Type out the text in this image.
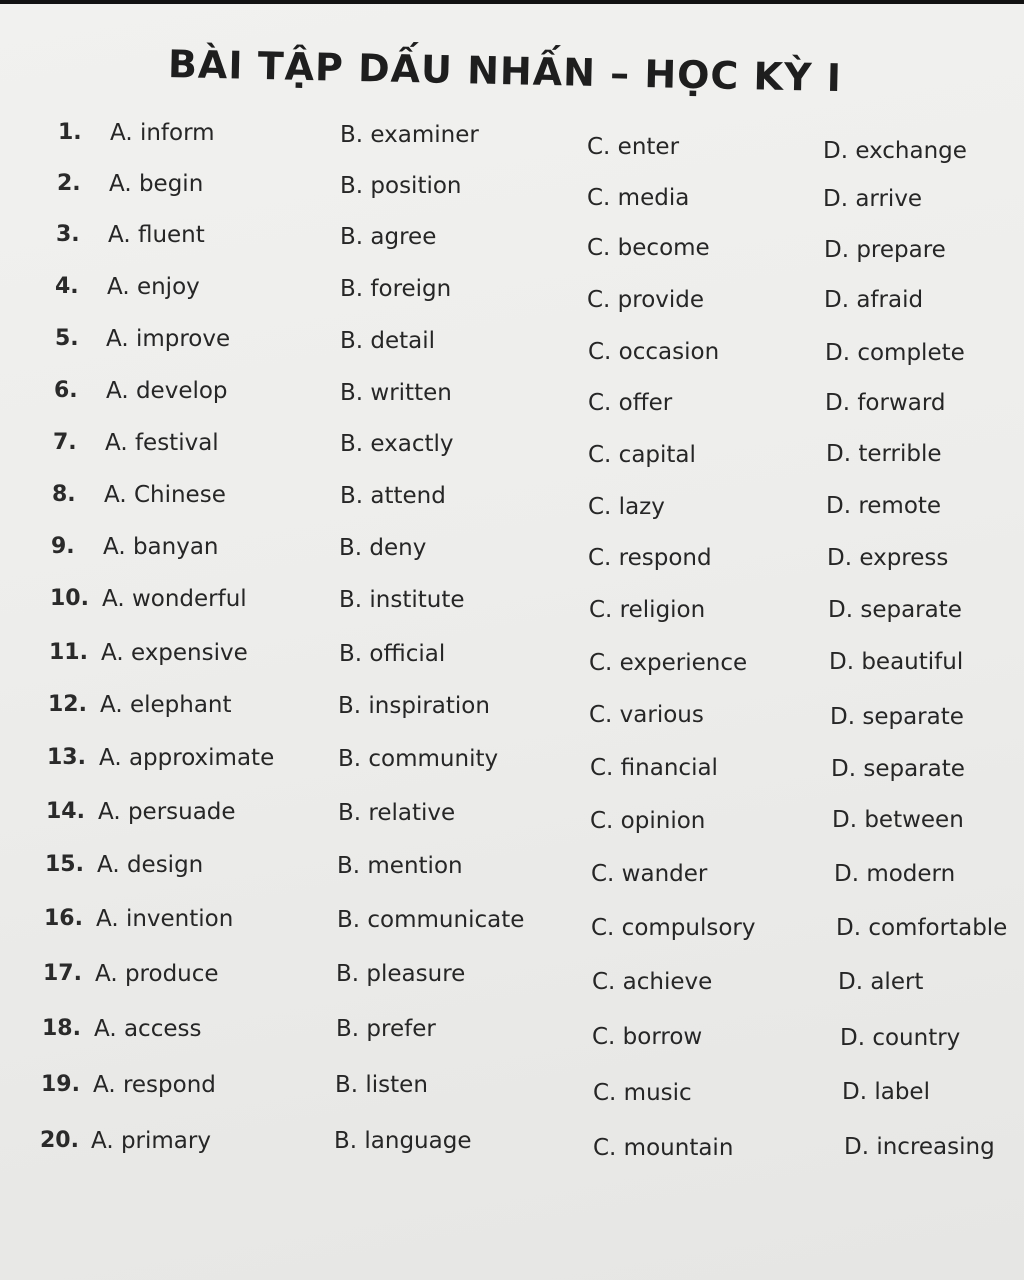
BÀI TẬP DẤU NHẤN – HỌC KỲ I
1. A. inform	B. examiner	C. enter	D. exchange
2. A. begin	B. position	C. media	D. arrive
3. A. fluent	B. agree	C. become	D. prepare
4. A. enjoy	B. foreign	C. provide	D. afraid
5. A. improve	B. detail	C. occasion	D. complete
6. A. develop	B. written	C. offer	D. forward
7. A. festival	B. exactly	C. capital	D. terrible
8. A. Chinese	B. attend	C. lazy	D. remote
9. A. banyan	B. deny	C. respond	D. express
10. A. wonderful	B. institute	C. religion	D. separate
11. A. expensive	B. official	C. experience	D. beautiful
12. A. elephant	B. inspiration	C. various	D. separate
13. A. approximate	B. community	C. financial	D. separate
14. A. persuade	B. relative	C. opinion	D. between
15. A. design	B. mention	C. wander	D. modern
16. A. invention	B. communicate	C. compulsory	D. comfortable
17. A. produce	B. pleasure	C. achieve	D. alert
18. A. access	B. prefer	C. borrow	D. country
19. A. respond	B. listen	C. music	D. label
20. A. primary	B. language	C. mountain	D. increasing
